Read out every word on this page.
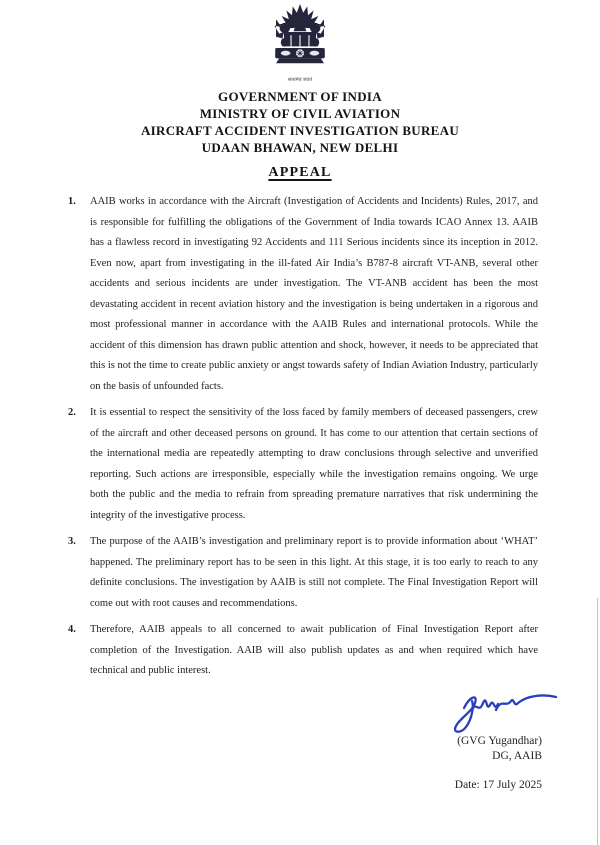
सत्यमेव जयते
GOVERNMENT OF INDIA
MINISTRY OF CIVIL AVIATION
AIRCRAFT ACCIDENT INVESTIGATION BUREAU
UDAAN BHAWAN, NEW DELHI
APPEAL
1.	AAIB works in accordance with the Aircraft (Investigation of Accidents and Incidents) Rules, 2017, and is responsible for fulfilling the obligations of the Government of India towards ICAO Annex 13. AAIB has a flawless record in investigating 92 Accidents and 111 Serious incidents since its inception in 2012. Even now, apart from investigating in the ill-fated Air India’s B787-8 aircraft VT-ANB, several other accidents and serious incidents are under investigation. The VT-ANB accident has been the most devastating accident in recent aviation history and the investigation is being undertaken in a rigorous and most professional manner in accordance with the AAIB Rules and international protocols. While the accident of this dimension has drawn public attention and shock, however, it needs to be appreciated that this is not the time to create public anxiety or angst towards safety of Indian Aviation Industry, particularly on the basis of unfounded facts.
2.	It is essential to respect the sensitivity of the loss faced by family members of deceased passengers, crew of the aircraft and other deceased persons on ground. It has come to our attention that certain sections of the international media are repeatedly attempting to draw conclusions through selective and unverified reporting. Such actions are irresponsible, especially while the investigation remains ongoing. We urge both the public and the media to refrain from spreading premature narratives that risk undermining the integrity of the investigative process.
3.	The purpose of the AAIB’s investigation and preliminary report is to provide information about ‘WHAT’ happened. The preliminary report has to be seen in this light. At this stage, it is too early to reach to any definite conclusions. The investigation by AAIB is still not complete. The Final Investigation Report will come out with root causes and recommendations.
4.	Therefore, AAIB appeals to all concerned to await publication of Final Investigation Report after completion of the Investigation. AAIB will also publish updates as and when required which have technical and public interest.
(GVG Yugandhar)
DG, AAIB
Date: 17 July 2025
